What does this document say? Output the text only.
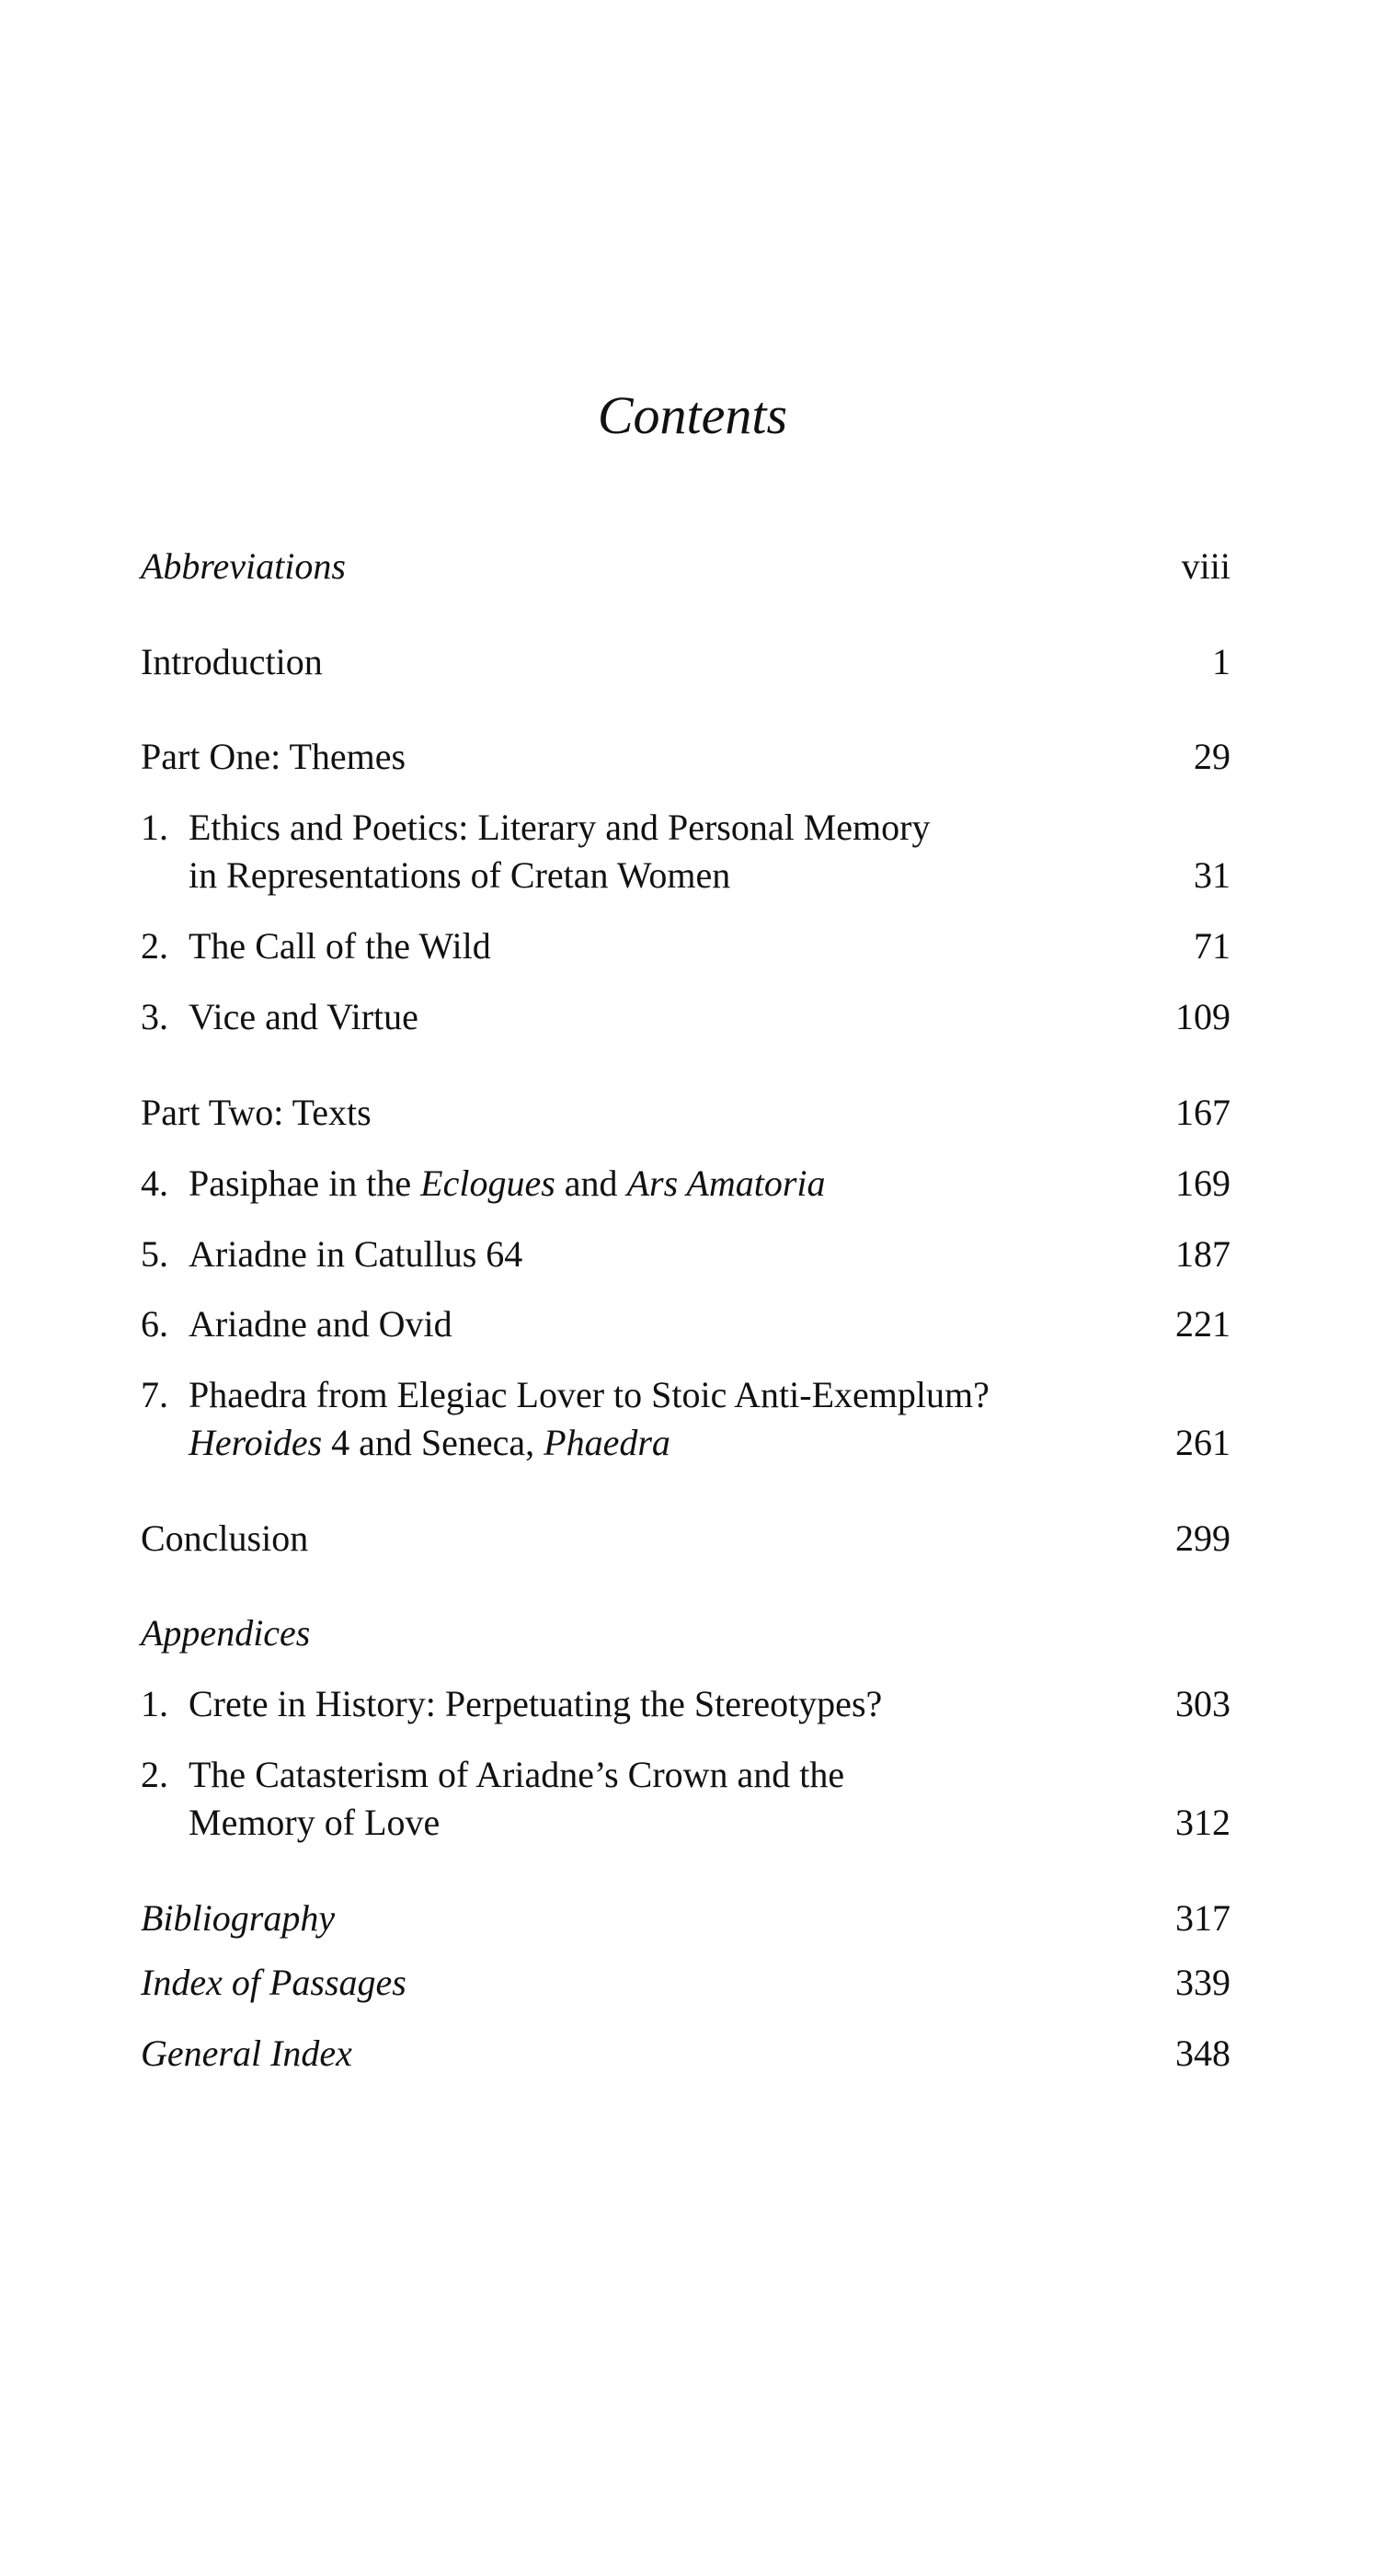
Contents
Abbreviations	viii
Introduction	1
Part One: Themes	29
1. Ethics and Poetics: Literary and Personal Memory
in Representations of Cretan Women	31
2. The Call of the Wild	71
3. Vice and Virtue	109
Part Two: Texts	167
4. Pasiphae in the Eclogues and Ars Amatoria	169
5. Ariadne in Catullus 64	187
6. Ariadne and Ovid	221
7. Phaedra from Elegiac Lover to Stoic Anti-Exemplum?
Heroides 4 and Seneca, Phaedra	261
Conclusion	299
Appendices
1. Crete in History: Perpetuating the Stereotypes?	303
2. The Catasterism of Ariadne’s Crown and the
Memory of Love	312
Bibliography	317
Index of Passages	339
General Index	348
